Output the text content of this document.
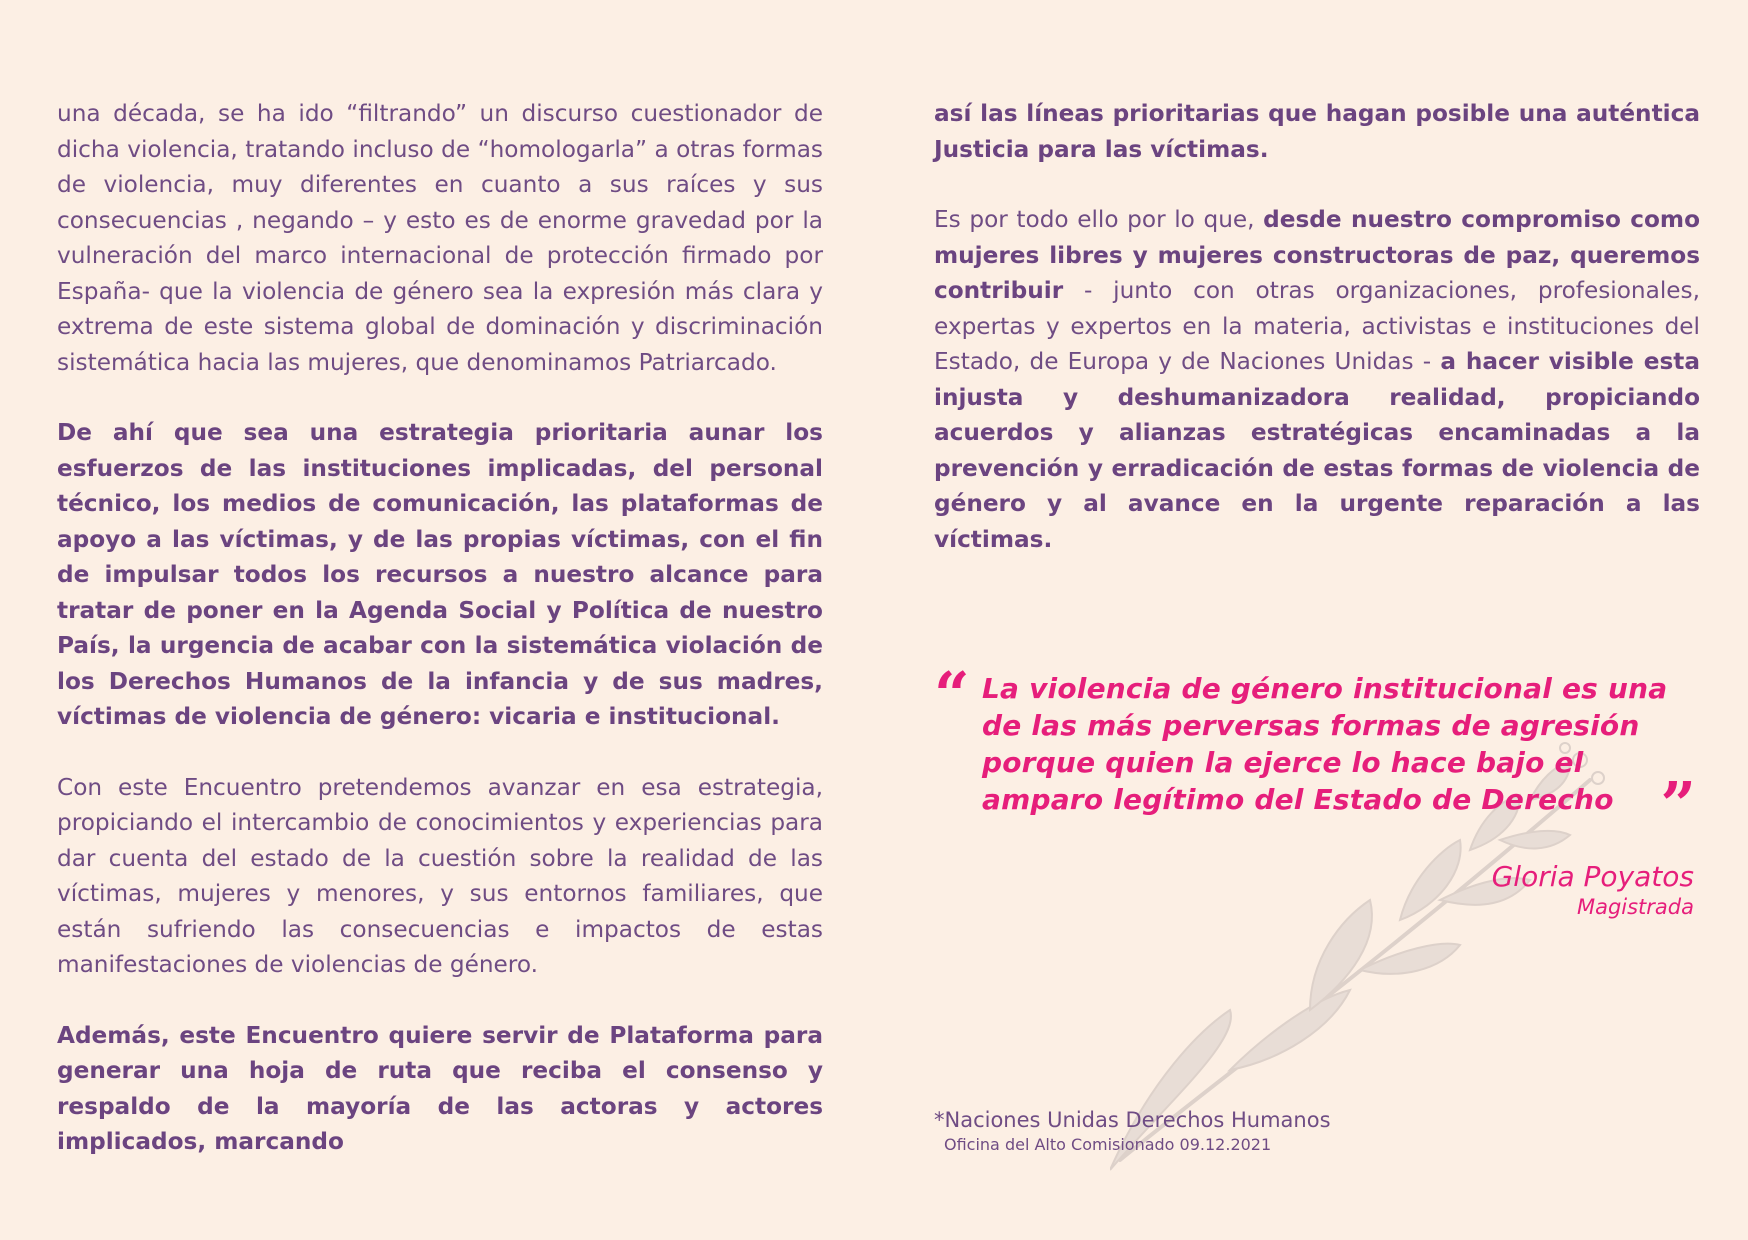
una década, se ha ido “filtrando” un discurso cuestionador de dicha violencia, tratando incluso de “homologarla” a otras formas de violencia, muy diferentes en cuanto a sus raíces y sus consecuencias , negando – y esto es de enorme gravedad por la vulneración del marco internacional de protección firmado por España- que la violencia de género sea la expresión más clara y extrema de este sistema global de dominación y discriminación sistemática hacia las mujeres, que denominamos Patriarcado.

De ahí que sea una estrategia prioritaria aunar los esfuerzos de las instituciones implicadas, del personal técnico, los medios de comunicación, las plataformas de apoyo a las víctimas, y de las propias víctimas, con el fin de impulsar todos los recursos a nuestro alcance para tratar de poner en la Agenda Social y Política de nuestro País, la urgencia de acabar con la sistemática violación de los Derechos Humanos de la infancia y de sus madres, víctimas de violencia de género: vicaria e institucional.

Con este Encuentro pretendemos avanzar en esa estrategia, propiciando el intercambio de conocimientos y experiencias para dar cuenta del estado de la cuestión sobre la realidad de las víctimas, mujeres y menores, y sus entornos familiares, que están sufriendo las consecuencias e impactos de estas manifestaciones de violencias de género.

Además, este Encuentro quiere servir de Plataforma para generar una hoja de ruta que reciba el consenso y respaldo de la mayoría de las actoras y actores implicados, marcando

así las líneas prioritarias que hagan posible una auténtica Justicia para las víctimas.

Es por todo ello por lo que, desde nuestro compromiso como mujeres libres y mujeres constructoras de paz, queremos contribuir - junto con otras organizaciones, profesionales, expertas y expertos en la materia, activistas e instituciones del Estado, de Europa y de Naciones Unidas - a hacer visible esta injusta y deshumanizadora realidad, propiciando acuerdos y alianzas estratégicas encaminadas a la prevención y erradicación de estas formas de violencia de género y al avance en la urgente reparación a las víctimas.

“ La violencia de género institucional es una de las más perversas formas de agresión porque quien la ejerce lo hace bajo el amparo legítimo del Estado de Derecho ”
Gloria Poyatos
Magistrada
*Naciones Unidas Derechos Humanos
Oficina del Alto Comisionado 09.12.2021
